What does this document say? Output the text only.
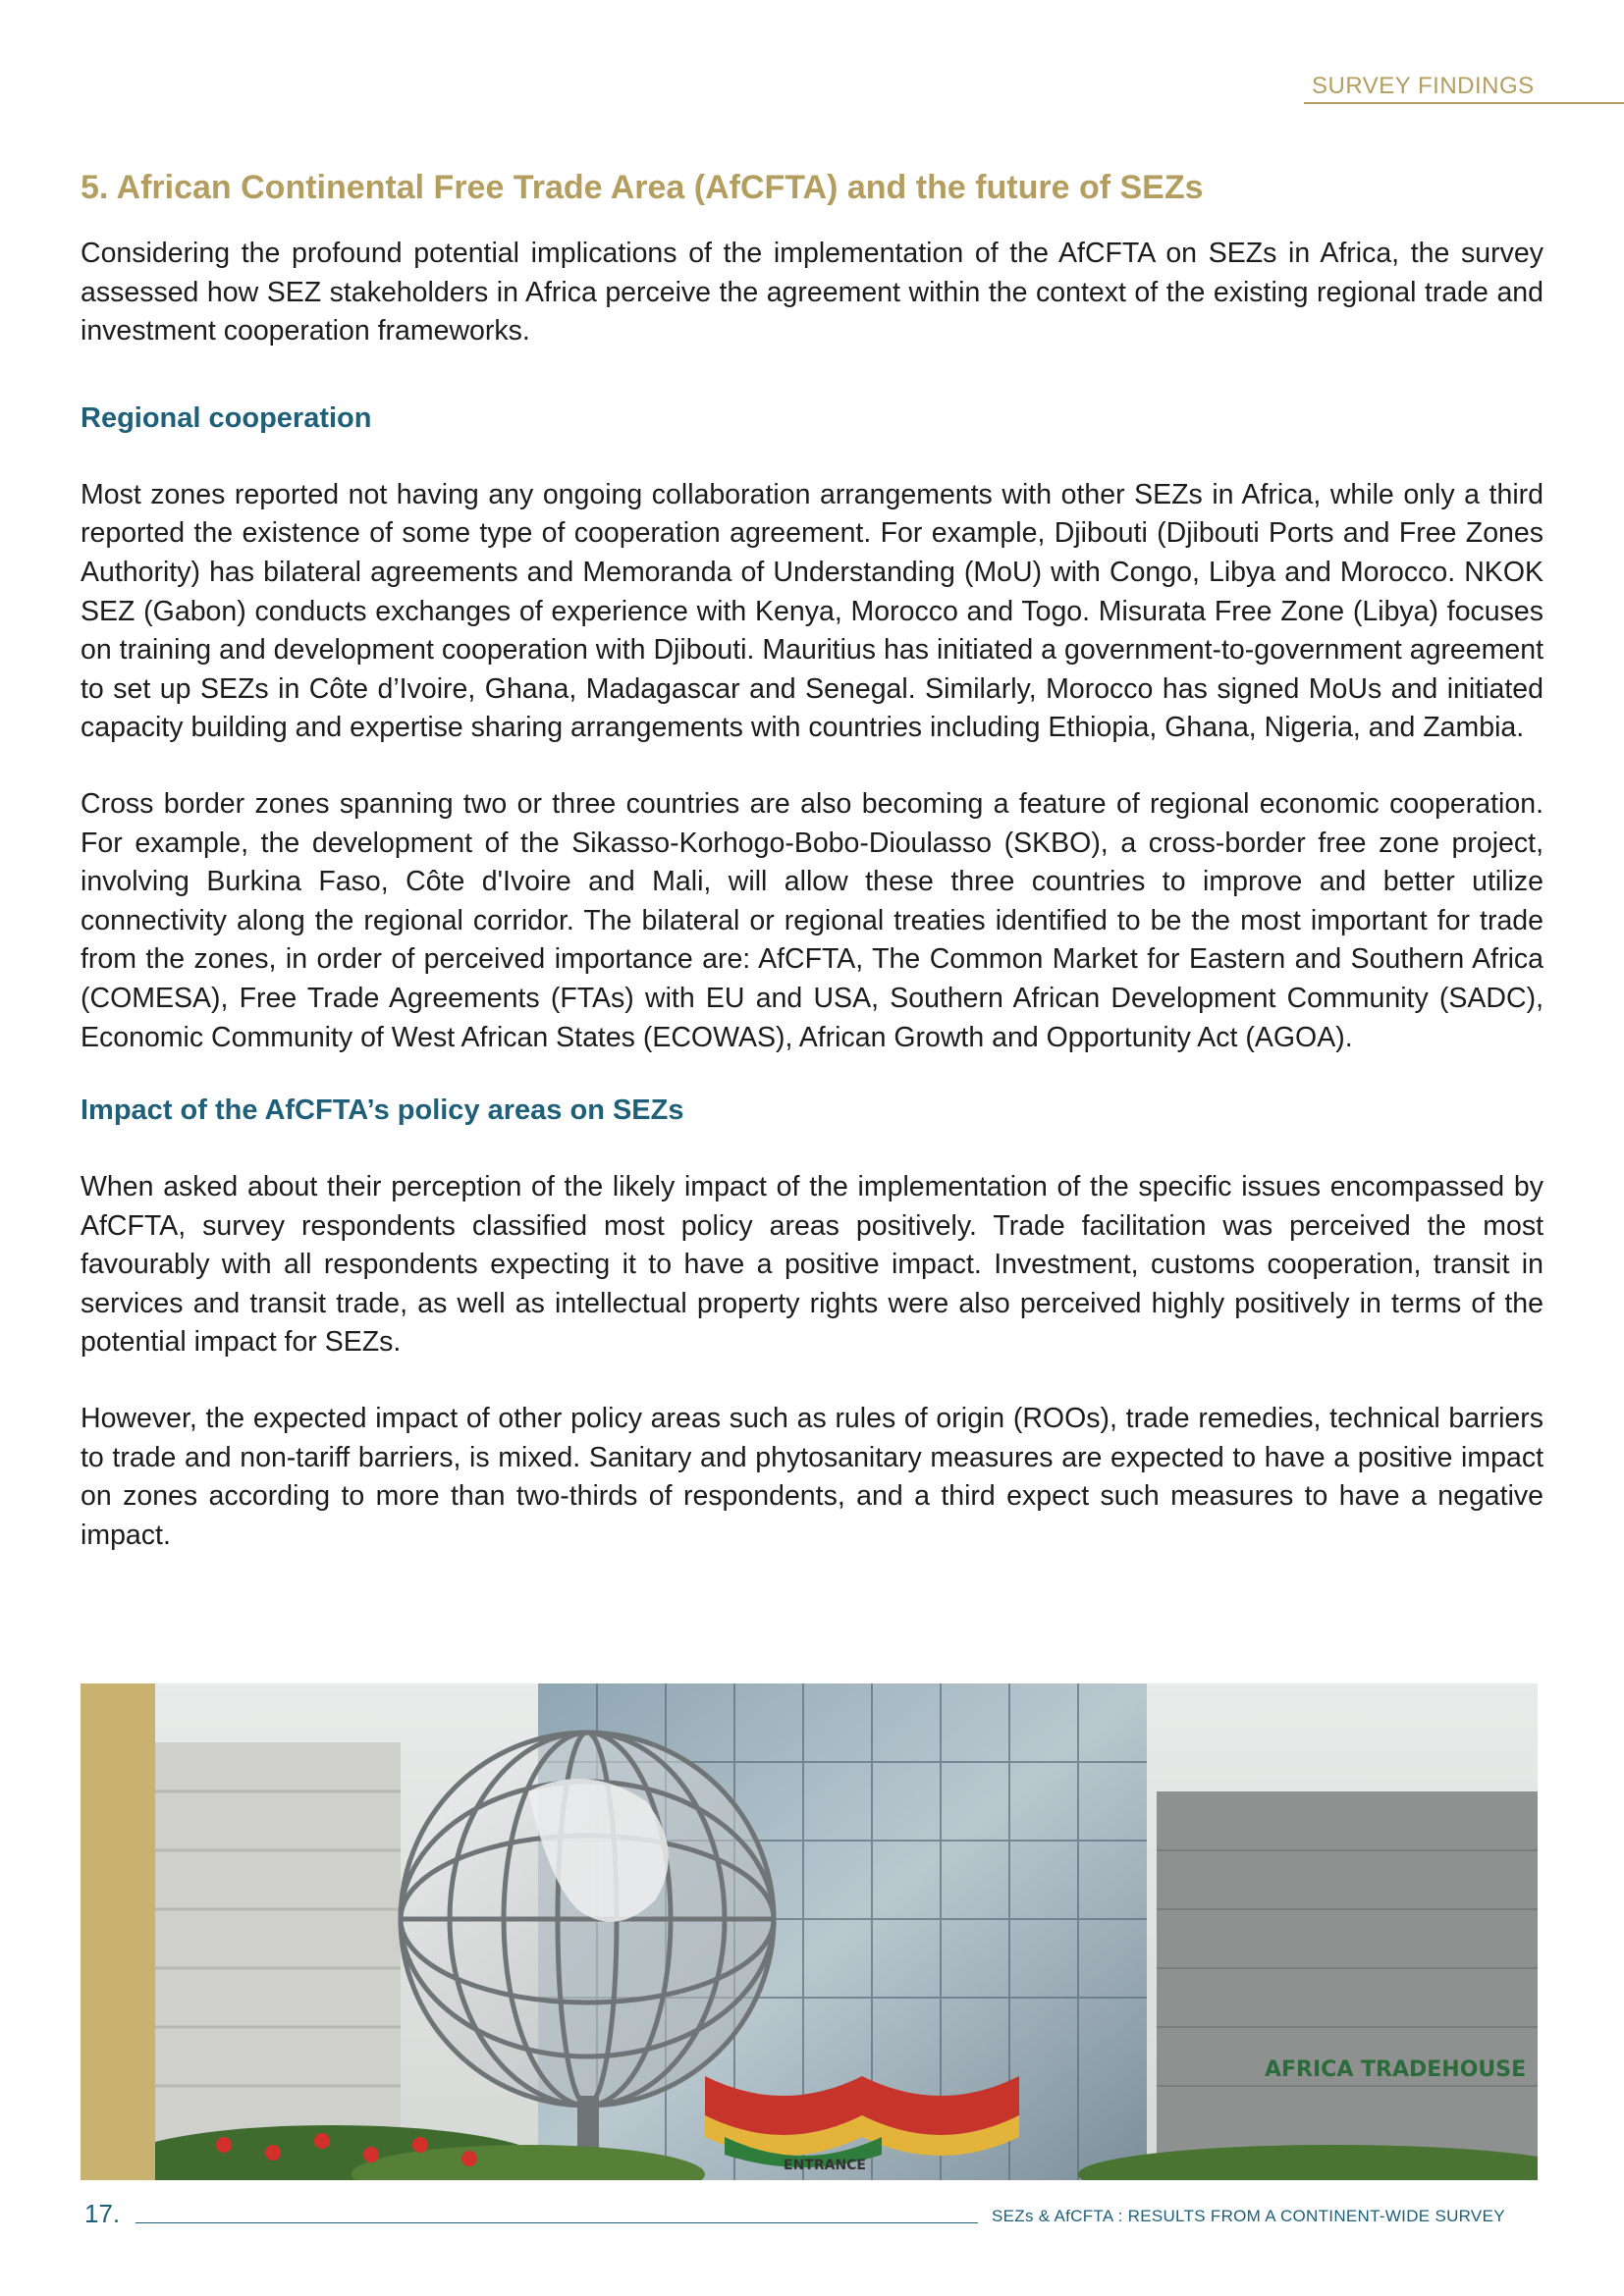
SURVEY FINDINGS
5. African Continental Free Trade Area (AfCFTA) and the future of SEZs

Considering the profound potential implications of the implementation of the AfCFTA on SEZs in Africa, the survey assessed how SEZ stakeholders in Africa perceive the agreement within the context of the existing regional trade and investment cooperation frameworks.

Regional cooperation

Most zones reported not having any ongoing collaboration arrangements with other SEZs in Africa, while only a third reported the existence of some type of cooperation agreement. For example, Djibouti (Djibouti Ports and Free Zones Authority) has bilateral agreements and Memoranda of Understanding (MoU) with Congo, Libya and Morocco. NKOK SEZ (Gabon) conducts exchanges of experience with Kenya, Morocco and Togo. Misurata Free Zone (Libya) focuses on training and development cooperation with Djibouti. Mauritius has initiated a government-to-government agreement to set up SEZs in Côte d’Ivoire, Ghana, Madagascar and Senegal. Similarly, Morocco has signed MoUs and initiated capacity building and expertise sharing arrangements with countries including Ethiopia, Ghana, Nigeria, and Zambia.

Cross border zones spanning two or three countries are also becoming a feature of regional economic cooperation. For example, the development of the Sikasso-Korhogo-Bobo-Dioulasso (SKBO), a cross-border free zone project, involving Burkina Faso, Côte d'Ivoire and Mali, will allow these three countries to improve and better utilize connectivity along the regional corridor. The bilateral or regional treaties identified to be the most important for trade from the zones, in order of perceived importance are: AfCFTA, The Common Market for Eastern and Southern Africa (COMESA), Free Trade Agreements (FTAs) with EU and USA, Southern African Development Community (SADC), Economic Community of West African States (ECOWAS), African Growth and Opportunity Act (AGOA).

Impact of the AfCFTA’s policy areas on SEZs

When asked about their perception of the likely impact of the implementation of the specific issues encompassed by AfCFTA, survey respondents classified most policy areas positively. Trade facilitation was perceived the most favourably with all respondents expecting it to have a positive impact. Investment, customs cooperation, transit in services and transit trade, as well as intellectual property rights were also perceived highly positively in terms of the potential impact for SEZs.

However, the expected impact of other policy areas such as rules of origin (ROOs), trade remedies, technical barriers to trade and non-tariff barriers, is mixed. Sanitary and phytosanitary measures are expected to have a positive impact on zones according to more than two-thirds of respondents, and a third expect such measures to have a negative impact.

AFRICA TRADEHOUSE
ENTRANCE
17.	SEZs & AfCFTA : RESULTS FROM A CONTINENT-WIDE SURVEY
